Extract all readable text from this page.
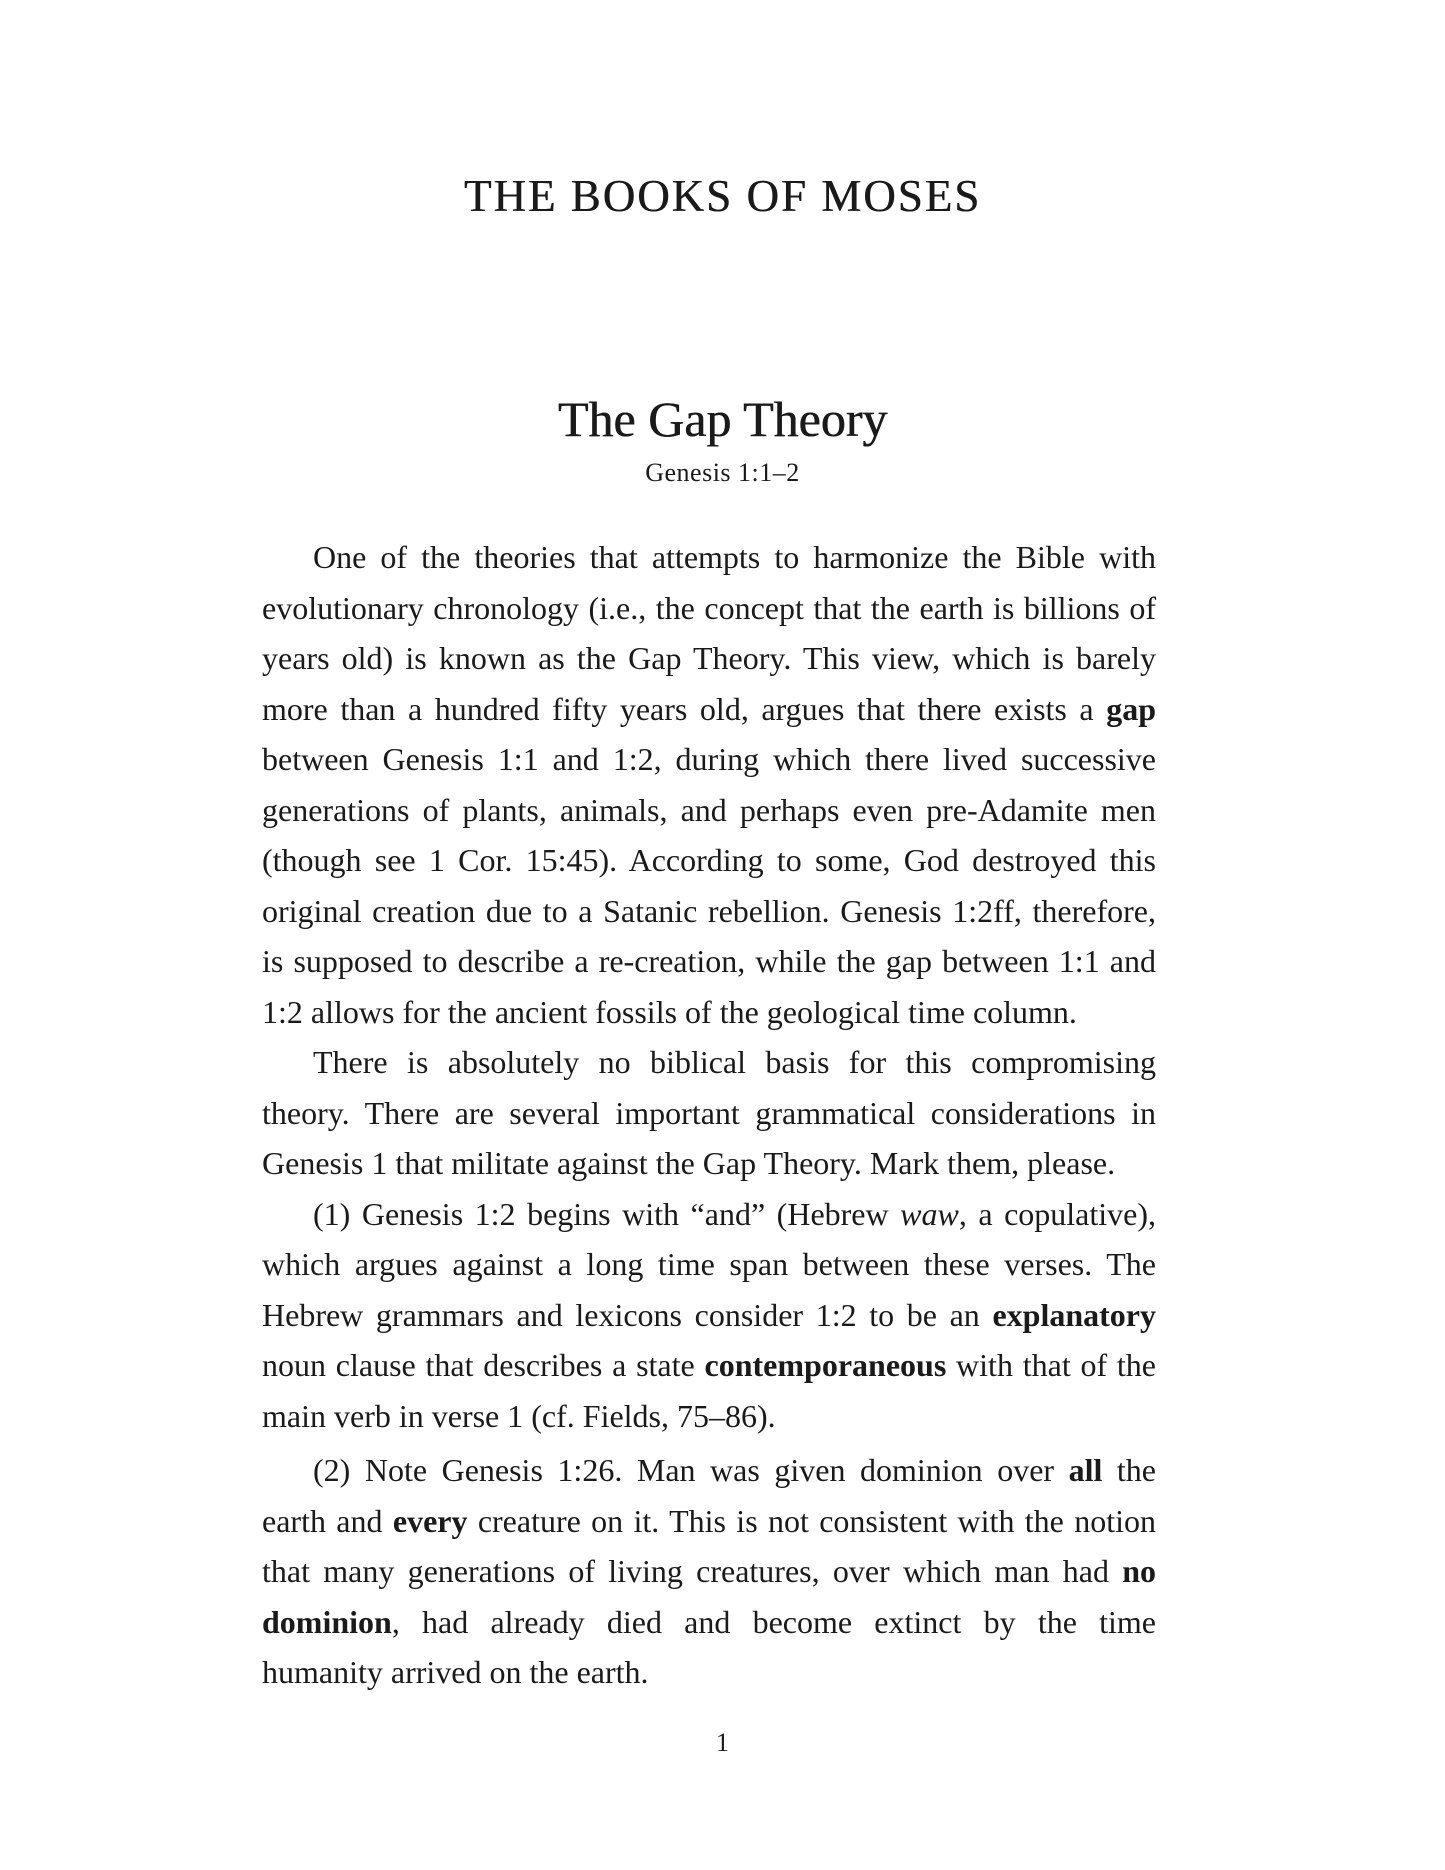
THE BOOKS OF MOSES
The Gap Theory
Genesis 1:1–2

One of the theories that attempts to harmonize the Bible with evolutionary chronology (i.e., the concept that the earth is billions of years old) is known as the Gap Theory. This view, which is barely more than a hundred fifty years old, argues that there exists a gap between Genesis 1:1 and 1:2, during which there lived successive generations of plants, animals, and perhaps even pre-Adamite men (though see 1 Cor. 15:45). According to some, God destroyed this original creation due to a Satanic rebellion. Genesis 1:2ff, therefore, is supposed to describe a re-creation, while the gap between 1:1 and 1:2 allows for the ancient fossils of the geological time column.

There is absolutely no biblical basis for this compromising theory. There are several important grammatical considerations in Genesis 1 that militate against the Gap Theory. Mark them, please.

(1) Genesis 1:2 begins with “and” (Hebrew waw, a copulative), which argues against a long time span between these verses. The Hebrew grammars and lexicons consider 1:2 to be an explanatory noun clause that describes a state contemporaneous with that of the main verb in verse 1 (cf. Fields, 75–86).

(2) Note Genesis 1:26. Man was given dominion over all the earth and every creature on it. This is not consistent with the notion that many generations of living creatures, over which man had no dominion, had already died and become extinct by the time humanity arrived on the earth.

1
